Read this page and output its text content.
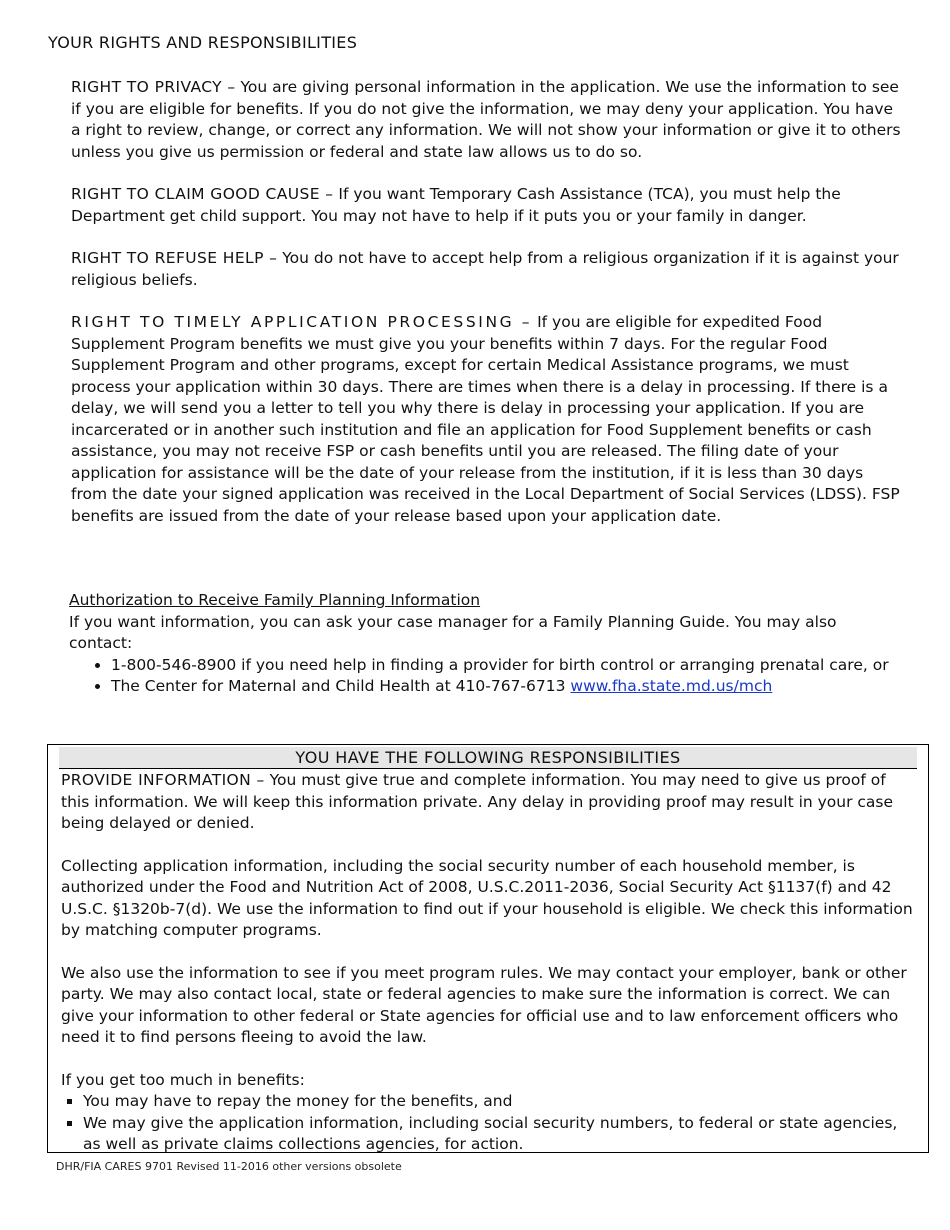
YOUR RIGHTS AND RESPONSIBILITIES

RIGHT TO PRIVACY – You are giving personal information in the application. We use the information to see if you are eligible for benefits. If you do not give the information, we may deny your application. You have a right to review, change, or correct any information. We will not show your information or give it to others unless you give us permission or federal and state law allows us to do so.

RIGHT TO CLAIM GOOD CAUSE – If you want Temporary Cash Assistance (TCA), you must help the Department get child support. You may not have to help if it puts you or your family in danger.

RIGHT TO REFUSE HELP – You do not have to accept help from a religious organization if it is against your religious beliefs.

RIGHT TO TIMELY APPLICATION PROCESSING – If you are eligible for expedited Food Supplement Program benefits we must give you your benefits within 7 days. For the regular Food Supplement Program and other programs, except for certain Medical Assistance programs, we must process your application within 30 days. There are times when there is a delay in processing. If there is a delay, we will send you a letter to tell you why there is delay in processing your application. If you are incarcerated or in another such institution and file an application for Food Supplement benefits or cash assistance, you may not receive FSP or cash benefits until you are released. The filing date of your application for assistance will be the date of your release from the institution, if it is less than 30 days from the date your signed application was received in the Local Department of Social Services (LDSS). FSP benefits are issued from the date of your release based upon your application date.

Authorization to Receive Family Planning Information
If you want information, you can ask your case manager for a Family Planning Guide. You may also contact:
• 1-800-546-8900 if you need help in finding a provider for birth control or arranging prenatal care, or
• The Center for Maternal and Child Health at 410-767-6713 www.fha.state.md.us/mch
YOU HAVE THE FOLLOWING RESPONSIBILITIES

PROVIDE INFORMATION – You must give true and complete information. You may need to give us proof of this information. We will keep this information private. Any delay in providing proof may result in your case being delayed or denied.

Collecting application information, including the social security number of each household member, is authorized under the Food and Nutrition Act of 2008, U.S.C.2011-2036, Social Security Act §1137(f) and 42 U.S.C. §1320b-7(d). We use the information to find out if your household is eligible. We check this information by matching computer programs.

We also use the information to see if you meet program rules. We may contact your employer, bank or other party. We may also contact local, state or federal agencies to make sure the information is correct. We can give your information to other federal or State agencies for official use and to law enforcement officers who need it to find persons fleeing to avoid the law.

If you get too much in benefits:

▪ You may have to repay the money for the benefits, and
▪ We may give the application information, including social security numbers, to federal or state agencies, as well as private claims collections agencies, for action.
DHR/FIA CARES 9701 Revised 11-2016 other versions obsolete
